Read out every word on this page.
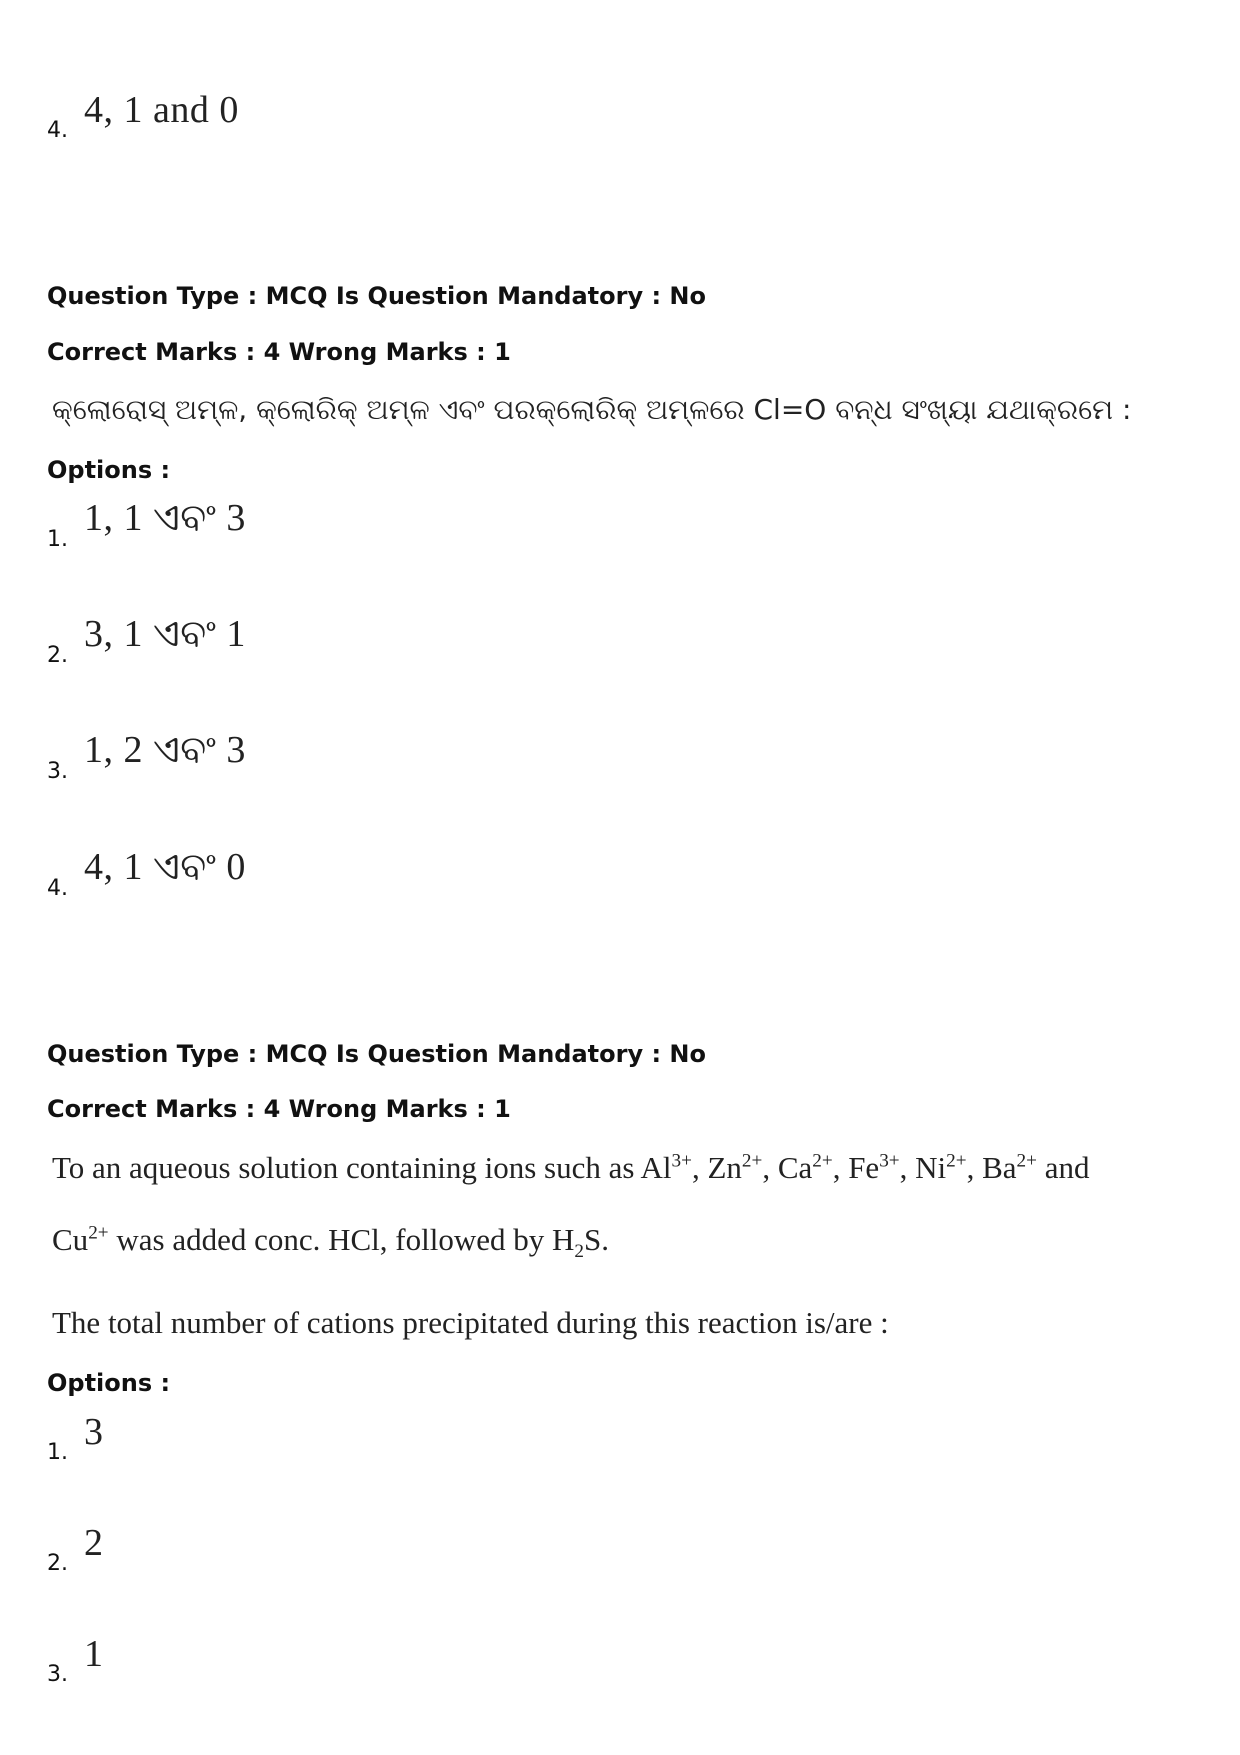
4. 4, 1 and 0
Question Type : MCQ Is Question Mandatory : No
Correct Marks : 4 Wrong Marks : 1
କ୍ଲୋରୋସ୍ ଅମ୍ଳ, କ୍ଲୋରିକ୍ ଅମ୍ଳ ଏବଂ ପରକ୍ଲୋରିକ୍ ଅମ୍ଳରେ Cl=O ବନ୍ଧ ସଂଖ୍ୟା ଯଥାକ୍ରମେ :
Options :
1.
1, 1 ଏବଂ 3
2.
3, 1 ଏବଂ 1
3.
1, 2 ଏବଂ 3
4.
4, 1 ଏବଂ 0
Question Type : MCQ Is Question Mandatory : No
Correct Marks : 4 Wrong Marks : 1
To an aqueous solution containing ions such as $Al^{3+}$, $Zn^{2+}$, $Ca^{2+}$, $Fe^{3+}$, $Ni^{2+}$, $Ba^{2+}$ and
$Cu^{2+}$ was added conc. HCl, followed by $H_2S$.
The total number of cations precipitated during this reaction is/are :
Options :
1. 3
2. 2
3. 1
